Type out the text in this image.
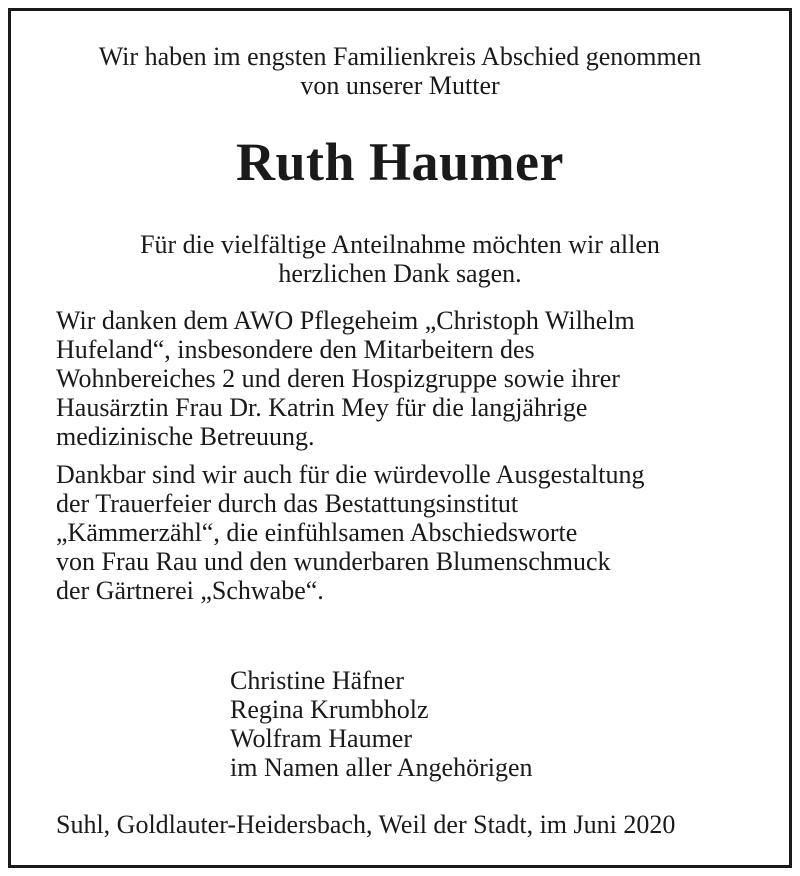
Wir haben im engsten Familienkreis Abschied genommen
von unserer Mutter
Ruth Haumer
Für die vielfältige Anteilnahme möchten wir allen
herzlichen Dank sagen.
Wir danken dem AWO Pflegeheim „Christoph Wilhelm
Hufeland“, insbesondere den Mitarbeitern des
Wohnbereiches 2 und deren Hospizgruppe sowie ihrer
Hausärztin Frau Dr. Katrin Mey für die langjährige
medizinische Betreuung.
Dankbar sind wir auch für die würdevolle Ausgestaltung
der Trauerfeier durch das Bestattungsinstitut
„Kämmerzähl“, die einfühlsamen Abschiedsworte
von Frau Rau und den wunderbaren Blumenschmuck
der Gärtnerei „Schwabe“.
Christine Häfner
Regina Krumbholz
Wolfram Haumer
im Namen aller Angehörigen
Suhl, Goldlauter-Heidersbach, Weil der Stadt, im Juni 2020
